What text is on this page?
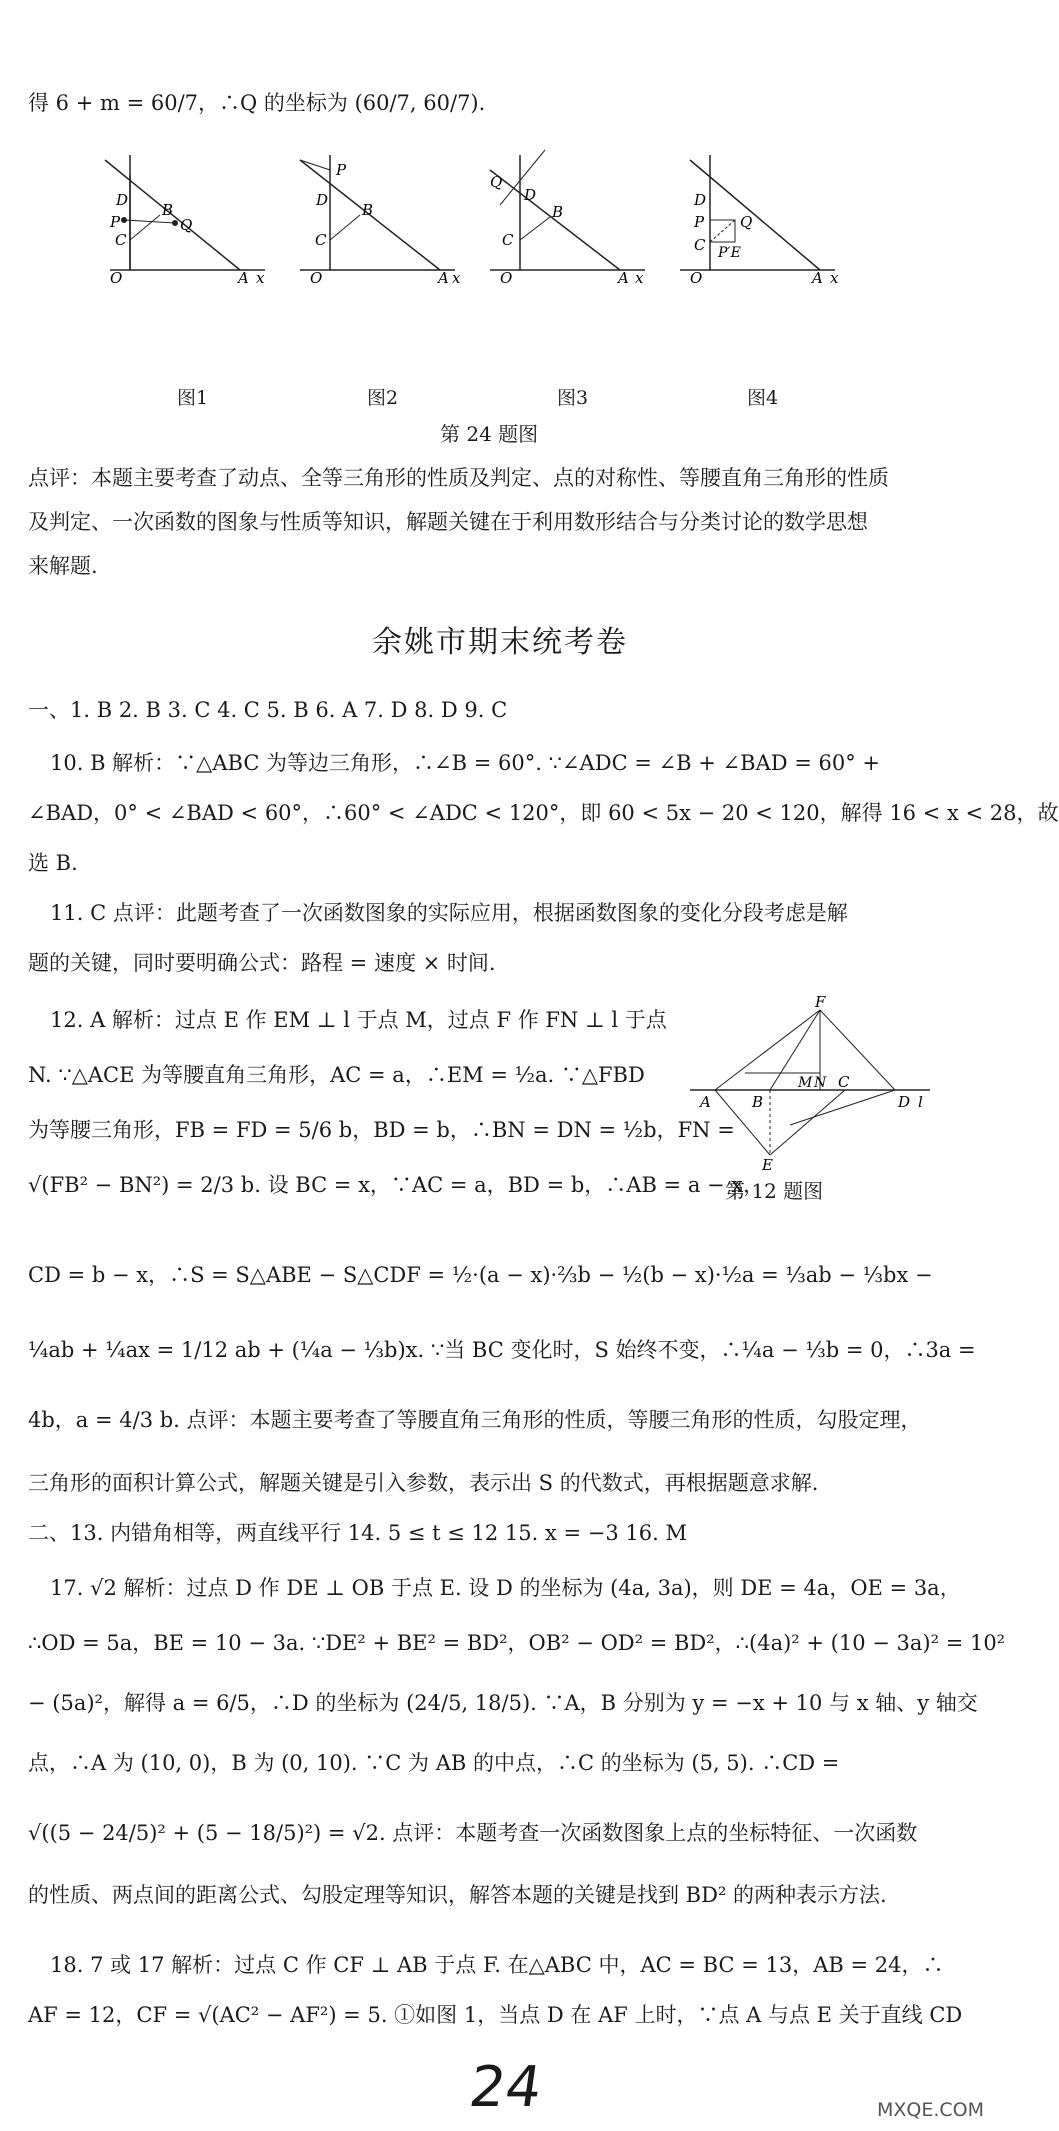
得 6 + m = 60/7，∴Q 的坐标为 (60/7, 60/7).
O
D
B
Q
P
C
A x	O
D
B
C
P
A x	O
D
B
C
Q
A x	O
D
P Q
C P′E
A x
图1	图2	图3	图4
第 24 题图
点评：本题主要考查了动点、全等三角形的性质及判定、点的对称性、等腰直角三角形的性质
及判定、一次函数的图象与性质等知识，解题关键在于利用数形结合与分类讨论的数学思想
来解题.
余姚市期末统考卷
一、1. B 2. B 3. C 4. C 5. B 6. A 7. D 8. D 9. C
10. B 解析：∵△ABC 为等边三角形，∴∠B = 60°. ∵∠ADC = ∠B + ∠BAD = 60° +
∠BAD，0° < ∠BAD < 60°，∴60° < ∠ADC < 120°，即 60 < 5x − 20 < 120，解得 16 < x < 28，故
选 B.
11. C 点评：此题考查了一次函数图象的实际应用，根据函数图象的变化分段考虑是解
题的关键，同时要明确公式：路程 = 速度 × 时间.
12. A 解析：过点 E 作 EM ⊥ l 于点 M，过点 F 作 FN ⊥ l 于点
N. ∵△ACE 为等腰直角三角形，AC = a，∴EM = ½a. ∵△FBD
为等腰三角形，FB = FD = 5/6 b，BD = b，∴BN = DN = ½b，FN =
F
A	B
M N C
D l
E
第 12 题图
√(FB² − BN²) = 2/3 b. 设 BC = x，∵AC = a，BD = b，∴AB = a − x，
CD = b − x，∴S = S△ABE − S△CDF = ½·(a − x)·⅔b − ½(b − x)·½a = ⅓ab − ⅓bx −
¼ab + ¼ax = 1/12 ab + (¼a − ⅓b)x. ∵当 BC 变化时，S 始终不变，∴¼a − ⅓b = 0，∴3a =
4b，a = 4/3 b. 点评：本题主要考查了等腰直角三角形的性质，等腰三角形的性质，勾股定理，
三角形的面积计算公式，解题关键是引入参数，表示出 S 的代数式，再根据题意求解.
二、13. 内错角相等，两直线平行 14. 5 ≤ t ≤ 12 15. x = −3 16. M
17. √2 解析：过点 D 作 DE ⊥ OB 于点 E. 设 D 的坐标为 (4a, 3a)，则 DE = 4a，OE = 3a，
∴OD = 5a，BE = 10 − 3a. ∵DE² + BE² = BD²，OB² − OD² = BD²，∴(4a)² + (10 − 3a)² = 10²
− (5a)²，解得 a = 6/5，∴D 的坐标为 (24/5, 18/5). ∵A，B 分别为 y = −x + 10 与 x 轴、y 轴交
点，∴A 为 (10, 0)，B 为 (0, 10). ∵C 为 AB 的中点，∴C 的坐标为 (5, 5). ∴CD =
√((5 − 24/5)² + (5 − 18/5)²) = √2. 点评：本题考查一次函数图象上点的坐标特征、一次函数
的性质、两点间的距离公式、勾股定理等知识，解答本题的关键是找到 BD² 的两种表示方法.
18. 7 或 17 解析：过点 C 作 CF ⊥ AB 于点 F. 在△ABC 中，AC = BC = 13，AB = 24，∴
AF = 12，CF = √(AC² − AF²) = 5. ①如图 1，当点 D 在 AF 上时，∵点 A 与点 E 关于直线 CD
24	MXQE.COM
